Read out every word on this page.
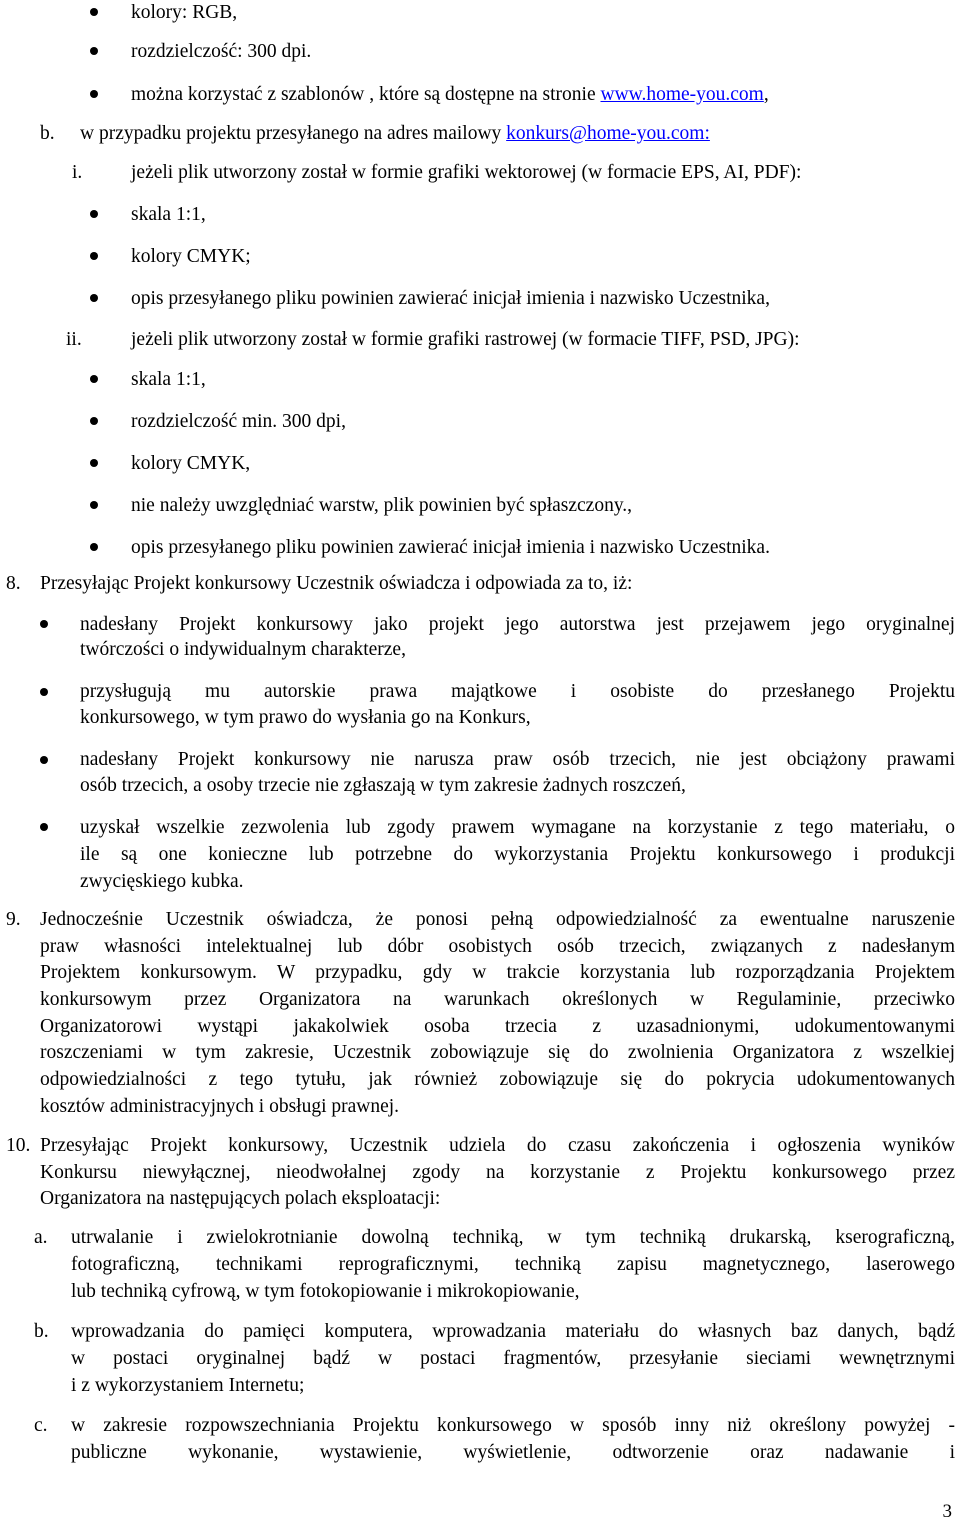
kolory: RGB,
rozdzielczość: 300 dpi.
można korzystać z szablonów , które są dostępne na stronie www.home-you.com,
b. w przypadku projektu przesyłanego na adres mailowy konkurs@home-you.com:
i. jeżeli plik utworzony został w formie grafiki wektorowej (w formacie EPS, AI, PDF):
skala 1:1,
kolory CMYK;
opis przesyłanego pliku powinien zawierać inicjał imienia i nazwisko Uczestnika,
ii.	jeżeli plik utworzony został w formie grafiki rastrowej (w formacie TIFF, PSD, JPG):
skala 1:1,
rozdzielczość min. 300 dpi,
kolory CMYK,
nie należy uwzględniać warstw, plik powinien być spłaszczony.,
opis przesyłanego pliku powinien zawierać inicjał imienia i nazwisko Uczestnika.
8. Przesyłając Projekt konkursowy Uczestnik oświadcza i odpowiada za to, iż:
nadesłany Projekt konkursowy jako projekt jego autorstwa jest przejawem jego oryginalnej
twórczości o indywidualnym charakterze,
przysługują mu autorskie prawa majątkowe i osobiste do przesłanego Projektu
konkursowego, w tym prawo do wysłania go na Konkurs,
nadesłany Projekt konkursowy nie narusza praw osób trzecich, nie jest obciążony prawami
osób trzecich, a osoby trzecie nie zgłaszają w tym zakresie żadnych roszczeń,
uzyskał wszelkie zezwolenia lub zgody prawem wymagane na korzystanie z tego materiału, o
ile są one konieczne lub potrzebne do wykorzystania Projektu konkursowego i produkcji
zwycięskiego kubka.
9. Jednocześnie Uczestnik oświadcza, że ponosi pełną odpowiedzialność za ewentualne naruszenie
praw własności intelektualnej lub dóbr osobistych osób trzecich, związanych z nadesłanym
Projektem konkursowym. W przypadku, gdy w trakcie korzystania lub rozporządzania Projektem
konkursowym przez Organizatora na warunkach określonych w Regulaminie, przeciwko
Organizatorowi wystąpi jakakolwiek osoba trzecia z uzasadnionymi, udokumentowanymi
roszczeniami w tym zakresie, Uczestnik zobowiązuje się do zwolnienia Organizatora z wszelkiej
odpowiedzialności z tego tytułu, jak również zobowiązuje się do pokrycia udokumentowanych
kosztów administracyjnych i obsługi prawnej.
10. Przesyłając Projekt konkursowy, Uczestnik udziela do czasu zakończenia i ogłoszenia wyników
Konkursu niewyłącznej, nieodwołalnej zgody na korzystanie z Projektu konkursowego przez
Organizatora na następujących polach eksploatacji:
a. utrwalanie i zwielokrotnianie dowolną techniką, w tym techniką drukarską, kserograficzną,
fotograficzną, technikami reprograficznymi, techniką zapisu magnetycznego, laserowego
lub techniką cyfrową, w tym fotokopiowanie i mikrokopiowanie,
b. wprowadzania do pamięci komputera, wprowadzania materiału do własnych baz danych, bądź
w postaci oryginalnej bądź w postaci fragmentów, przesyłanie sieciami wewnętrznymi
i z wykorzystaniem Internetu;
c. w zakresie rozpowszechniania Projektu konkursowego w sposób inny niż określony powyżej -
publiczne wykonanie, wystawienie, wyświetlenie, odtworzenie oraz nadawanie i
3
